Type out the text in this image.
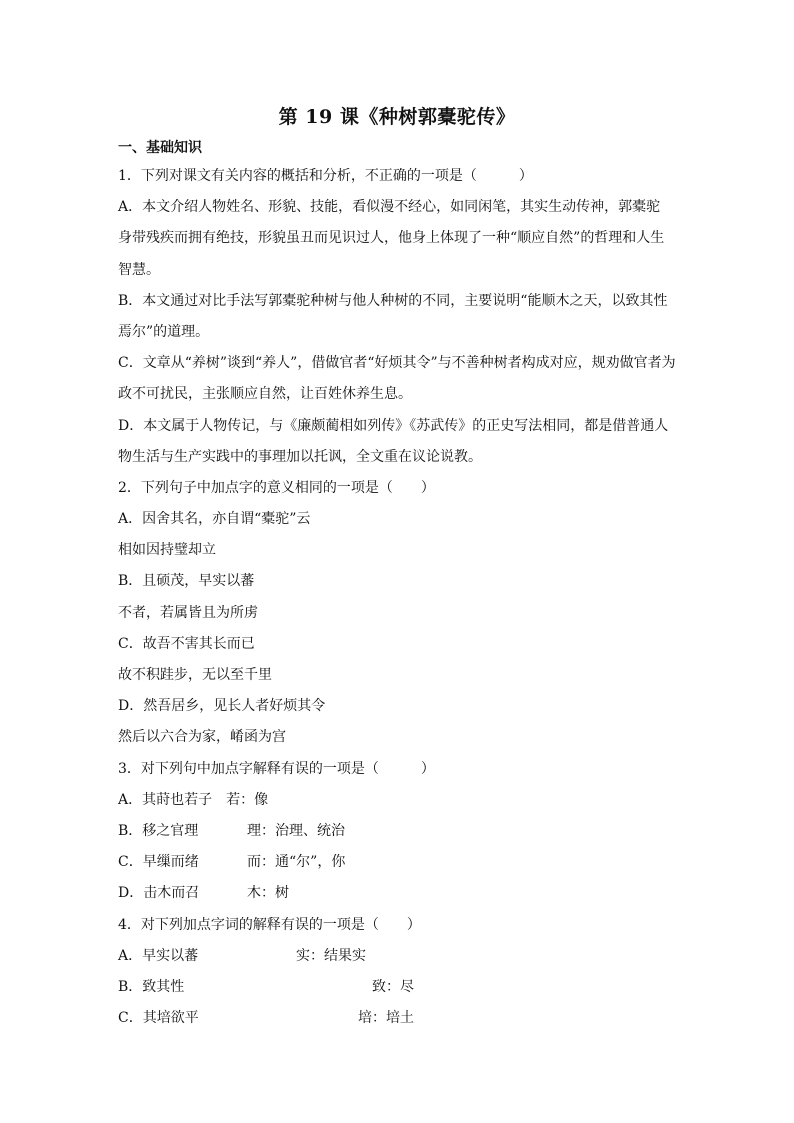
第 19 课《种树郭橐驼传》
一、基础知识
1．下列对课文有关内容的概括和分析，不正确的一项是（　　　）
A．本文介绍人物姓名、形貌、技能，看似漫不经心，如同闲笔，其实生动传神，郭橐驼
身带残疾而拥有绝技，形貌虽丑而见识过人，他身上体现了一种“顺应自然”的哲理和人生
智慧。
B．本文通过对比手法写郭橐驼种树与他人种树的不同，主要说明“能顺木之天，以致其性
焉尔”的道理。
C．文章从“养树”谈到“养人”，借做官者“好烦其令”与不善种树者构成对应，规劝做官者为
政不可扰民，主张顺应自然，让百姓休养生息。
D．本文属于人物传记，与《廉颇蔺相如列传》《苏武传》的正史写法相同，都是借普通人
物生活与生产实践中的事理加以托讽，全文重在议论说教。
2．下列句子中加点字的意义相同的一项是（　　）
A．因舍其名，亦自谓“橐驼”云
相如因持璧却立
B．且硕茂，早实以蕃
不者，若属皆且为所虏
C．故吾不害其长而已
故不积跬步，无以至千里
D．然吾居乡，见长人者好烦其令
然后以六合为家，崤函为宫
3．对下列句中加点字解释有误的一项是（　　　）
A．其莳也若子 若：像
B．移之官理	理：治理、统治
C．早缫而绪	而：通“尔”，你
D．击木而召	木：树
4．对下列加点字词的解释有误的一项是（　　）
A．早实以蕃	实：结果实
B．致其性	致：尽
C．其培欲平	培：培土
